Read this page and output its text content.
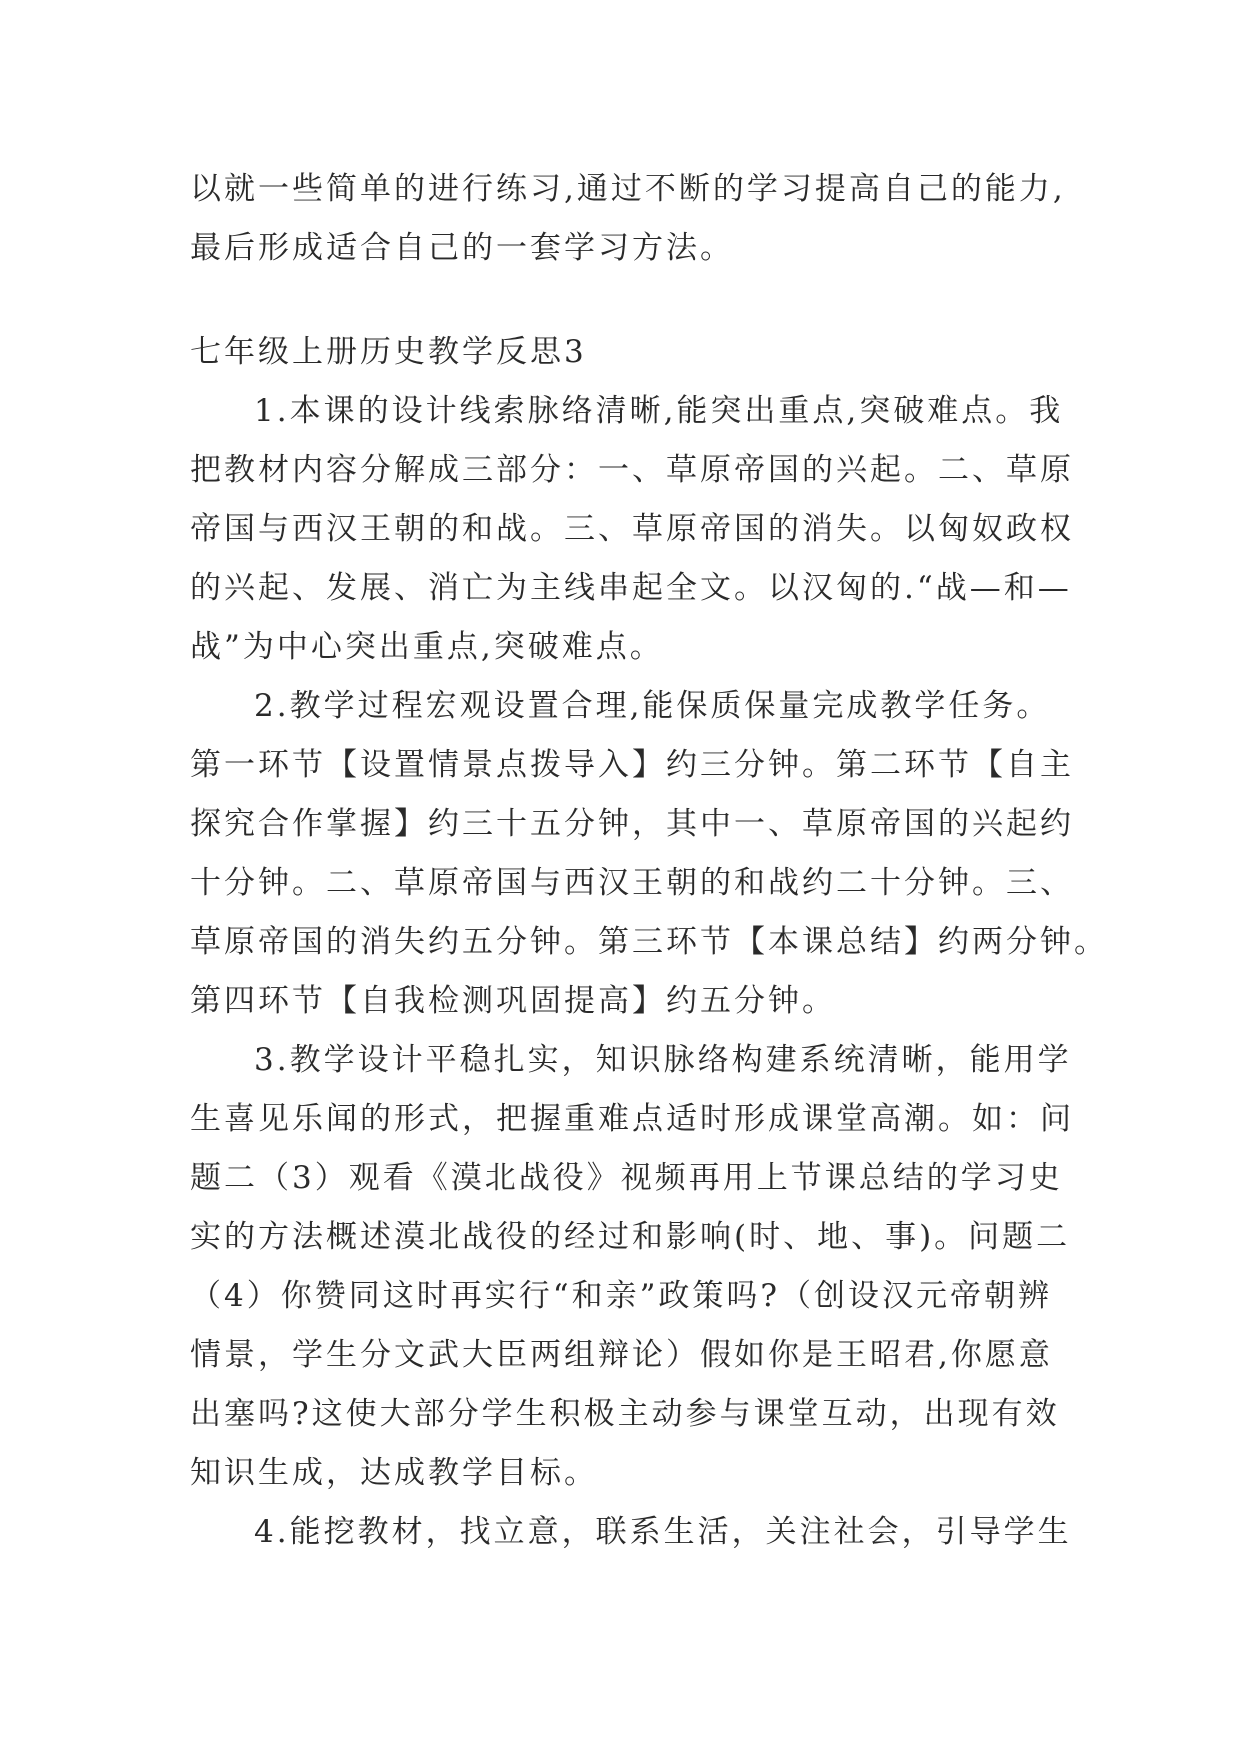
以就一些简单的进行练习,通过不断的学习提高自己的能力,
最后形成适合自己的一套学习方法。
七年级上册历史教学反思3
1.本课的设计线索脉络清晰,能突出重点,突破难点。我
把教材内容分解成三部分：一、草原帝国的兴起。二、草原
帝国与西汉王朝的和战。三、草原帝国的消失。以匈奴政权
的兴起、发展、消亡为主线串起全文。以汉匈的.“战—和—
战”为中心突出重点,突破难点。
2.教学过程宏观设置合理,能保质保量完成教学任务。
第一环节【设置情景点拨导入】约三分钟。第二环节【自主
探究合作掌握】约三十五分钟，其中一、草原帝国的兴起约
十分钟。二、草原帝国与西汉王朝的和战约二十分钟。三、
草原帝国的消失约五分钟。第三环节【本课总结】约两分钟。
第四环节【自我检测巩固提高】约五分钟。
3.教学设计平稳扎实，知识脉络构建系统清晰，能用学
生喜见乐闻的形式，把握重难点适时形成课堂高潮。如：问
题二（3）观看《漠北战役》视频再用上节课总结的学习史
实的方法概述漠北战役的经过和影响(时、地、事)。问题二
（4）你赞同这时再实行“和亲”政策吗?（创设汉元帝朝辨
情景，学生分文武大臣两组辩论）假如你是王昭君,你愿意
出塞吗?这使大部分学生积极主动参与课堂互动，出现有效
知识生成，达成教学目标。
4.能挖教材，找立意，联系生活，关注社会，引导学生
